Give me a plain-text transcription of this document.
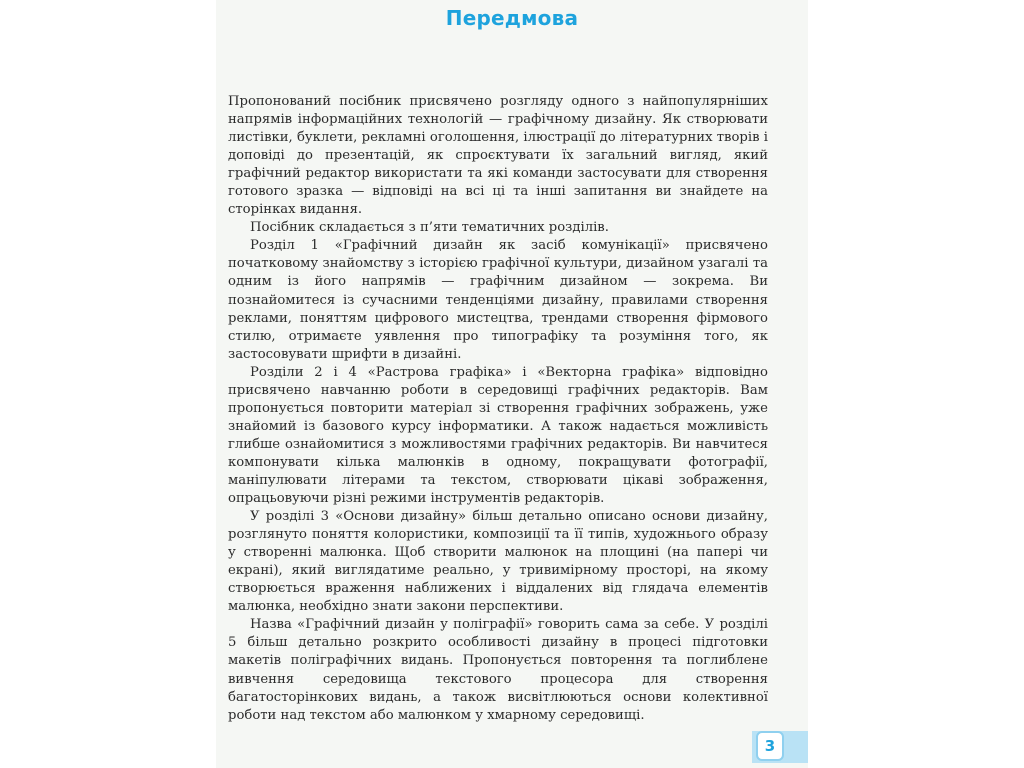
Передмова

Пропонований посібник присвячено розгляду одного з найпопулярніших напрямів інформаційних технологій — графічному дизайну. Як створювати листівки, буклети, рекламні оголошення, ілюстрації до літературних творів і доповіді до презентацій, як спроєктувати їх загальний вигляд, який графічний редактор використати та які команди застосувати для створення готового зразка — відповіді на всі ці та інші запитання ви знайдете на сторінках видання.

Посібник складається з п’яти тематичних розділів.

Розділ 1 «Графічний дизайн як засіб комунікації» присвячено початковому знайомству з історією графічної культури, дизайном узагалі та одним із його напрямів — графічним дизайном — зокрема. Ви познайомитеся із сучасними тенденціями дизайну, правилами створення реклами, поняттям цифрового мистецтва, трендами створення фірмового стилю, отримаєте уявлення про типографіку та розуміння того, як застосовувати шрифти в дизайні.

Розділи 2 і 4 «Растрова графіка» і «Векторна графіка» відповідно присвячено навчанню роботи в середовищі графічних редакторів. Вам пропонується повторити матеріал зі створення графічних зображень, уже знайомий із базового курсу інформатики. А також надається можливість глибше ознайомитися з можливостями графічних редакторів. Ви навчитеся компонувати кілька малюнків в одному, покращувати фотографії, маніпулювати літерами та текстом, створювати цікаві зображення, опрацьовуючи різні режими інструментів редакторів.

У розділі 3 «Основи дизайну» більш детально описано основи дизайну, розглянуто поняття колористики, композиції та її типів, художнього образу у створенні малюнка. Щоб створити малюнок на площині (на папері чи екрані), який виглядатиме реально, у тривимірному просторі, на якому створюється враження наближених і віддалених від глядача елементів малюнка, необхідно знати закони перспективи.

Назва «Графічний дизайн у поліграфії» говорить сама за себе. У розділі 5 більш детально розкрито особливості дизайну в процесі підготовки макетів поліграфічних видань. Пропонується повторення та поглиблене вивчення середовища текстового процесора для створення багатосторінкових видань, а також висвітлюються основи колективної роботи над текстом або малюнком у хмарному середовищі.

3
